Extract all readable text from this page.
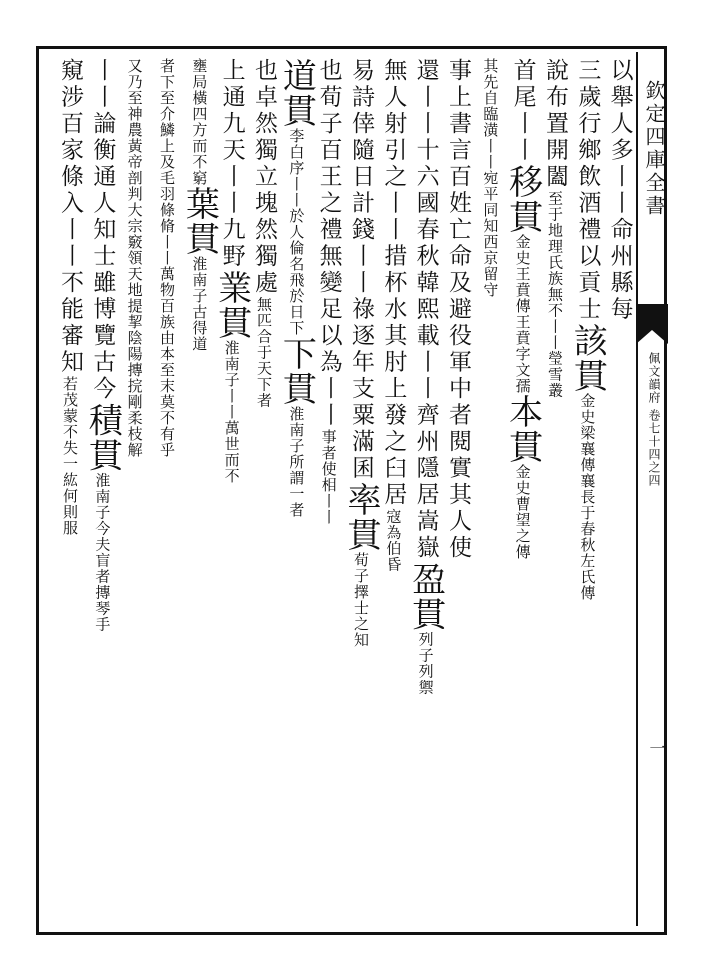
欽定四庫全書
佩文韻府 卷七十四之四
一
以舉人多丨丨命州縣每
三歲行鄉飲酒禮以貢士該貫金史梁襄傳襄長于春秋左氏傳
說布置開闔至于地理氏族無不丨丨瑩雪叢
首尾丨丨移貫金史王賁傳王賁字文孺本貫金史曹望之傳
其先自臨潢丨丨宛平同知西京留守
事上書言百姓亡命及避役軍中者閱實其人使
還丨丨十六國春秋韓熙載丨丨齊州隱居嵩嶽盈貫列子列禦
無人射引之丨丨措杯水其肘上發之臼居寇為伯昏
易詩倖隨日計錢丨丨祿逐年支粟滿囷率貫荀子擇士之知
也荀子百王之禮無變足以為丨丨事者使相丨丨
道貫李白序丨丨於人倫名飛於日下下貫淮南子所謂一者
也卓然獨立塊然獨處無匹合于天下者
上通九天丨丨九野業貫淮南子丨丨萬世而不
壅局橫四方而不窮葉貫淮南子古得道
者下至介鱗上及毛羽條脩丨丨萬物百族由本至末莫不有乎
又乃至神農黃帝剖判大宗竅領天地提挈陰陽摶捖剛柔枝解
丨丨論衡通人知士雖博覽古今積貫淮南子今夫盲者摶琴手
窺涉百家條入丨丨不能審知若茂蒙不失一紘何則服
